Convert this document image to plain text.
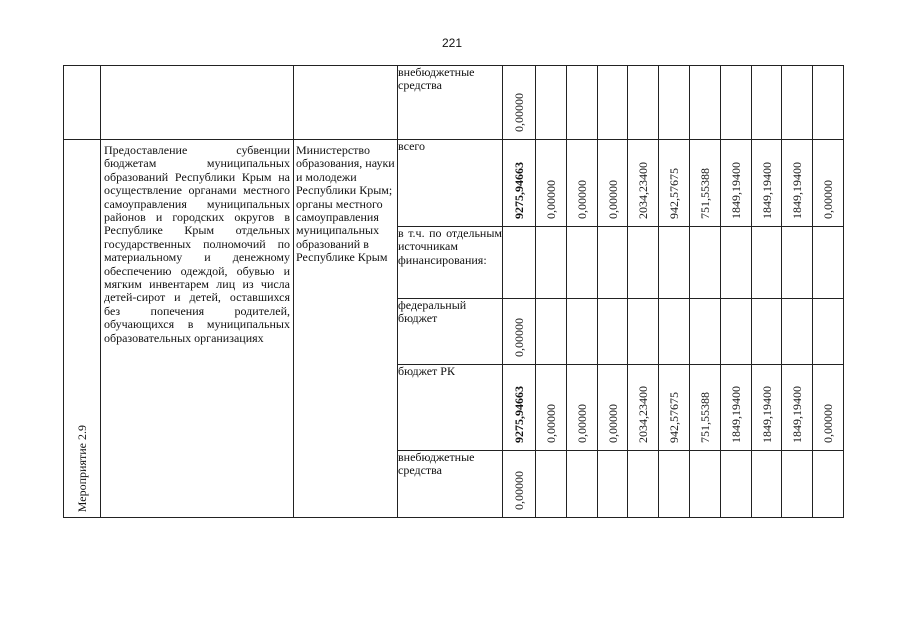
221
			внебюджетные средства	0,00000										

Мероприятие 2.9	Предоставление субвенции бюджетам муниципальных образований Республики Крым на осуществление органами местного самоуправления муниципальных районов и городских округов в Республике Крым отдельных государственных полномочий по материальному и денежному обеспечению одеждой, обувью и мягким инвентарем лиц из числа детей-сирот и детей, оставшихся без попечения родителей, обучающихся в муниципальных образовательных организациях	Министерство образования, науки и молодежи Республики Крым; органы местного самоуправления муниципальных образований в Республике Крым	всего	9275,94663	0,00000	0,00000	0,00000	2034,23400	942,57675	751,55388	1849,19400	1849,19400	1849,19400	0,00000

			в т.ч. по отдельным источникам финансирования:	

			федеральный бюджет	0,00000										

			бюджет РК	9275,94663	0,00000	0,00000	0,00000	2034,23400	942,57675	751,55388	1849,19400	1849,19400	1849,19400	0,00000

			внебюджетные средства	0,00000										
